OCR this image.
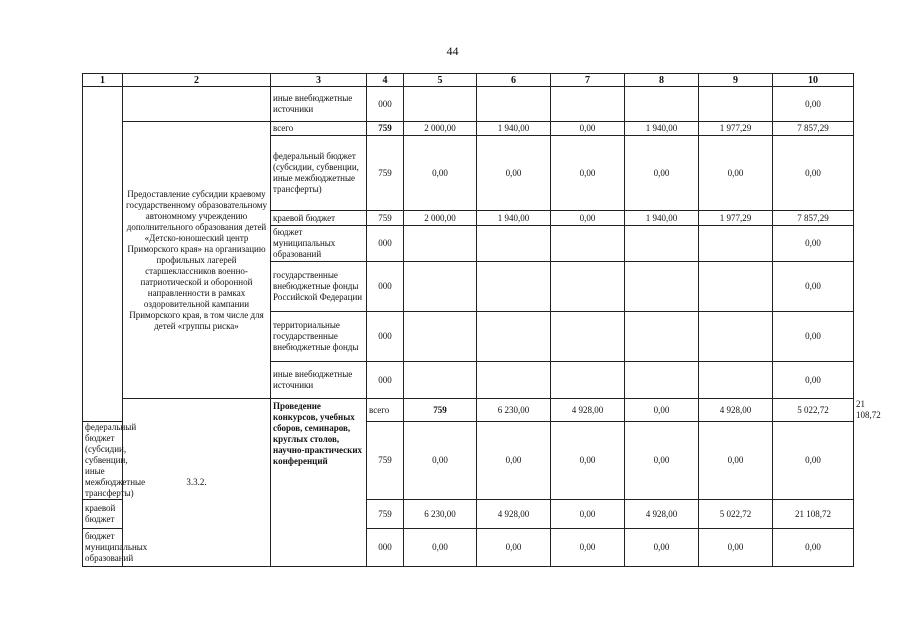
44
1	2	3	4	5	6	7	8	9	10	
		иные внебюджетные источники	000						0,00	
	Предоставление субсидии краевому государственному образовательному автономному учреждению дополнительного образования детей «Детско-юношеский центр Приморского края» на организацию профильных лагерей старшеклассников военно-патриотической и оборонной направленности в рамках оздоровительной кампании Приморского края, в том числе для детей «группы риска»	всего	759	2 000,00	1 940,00	0,00	1 940,00	1 977,29	7 857,29	
		федеральный бюджет (субсидии, субвенции, иные межбюджетные трансферты)	759	0,00	0,00	0,00	0,00	0,00	0,00	
		краевой бюджет	759	2 000,00	1 940,00	0,00	1 940,00	1 977,29	7 857,29	
		бюджет муниципальных образований	000						0,00	
		государственные внебюджетные фонды Российской Федерации	000						0,00	
		территориальные государственные внебюджетные фонды	000						0,00	
		иные внебюджетные источники	000						0,00	
	3.3.2.	Проведение конкурсов, учебных сборов, семинаров, круглых столов, научно-практических конференций	всего	759	6 230,00	4 928,00	0,00	4 928,00	5 022,72	21 108,72
федеральный бюджет (субсидии, субвенции, иные межбюджетные трансферты)			759	0,00	0,00	0,00	0,00	0,00	0,00	
краевой бюджет			759	6 230,00	4 928,00	0,00	4 928,00	5 022,72	21 108,72	
бюджет муниципальных образований			000	0,00	0,00	0,00	0,00	0,00	0,00	
